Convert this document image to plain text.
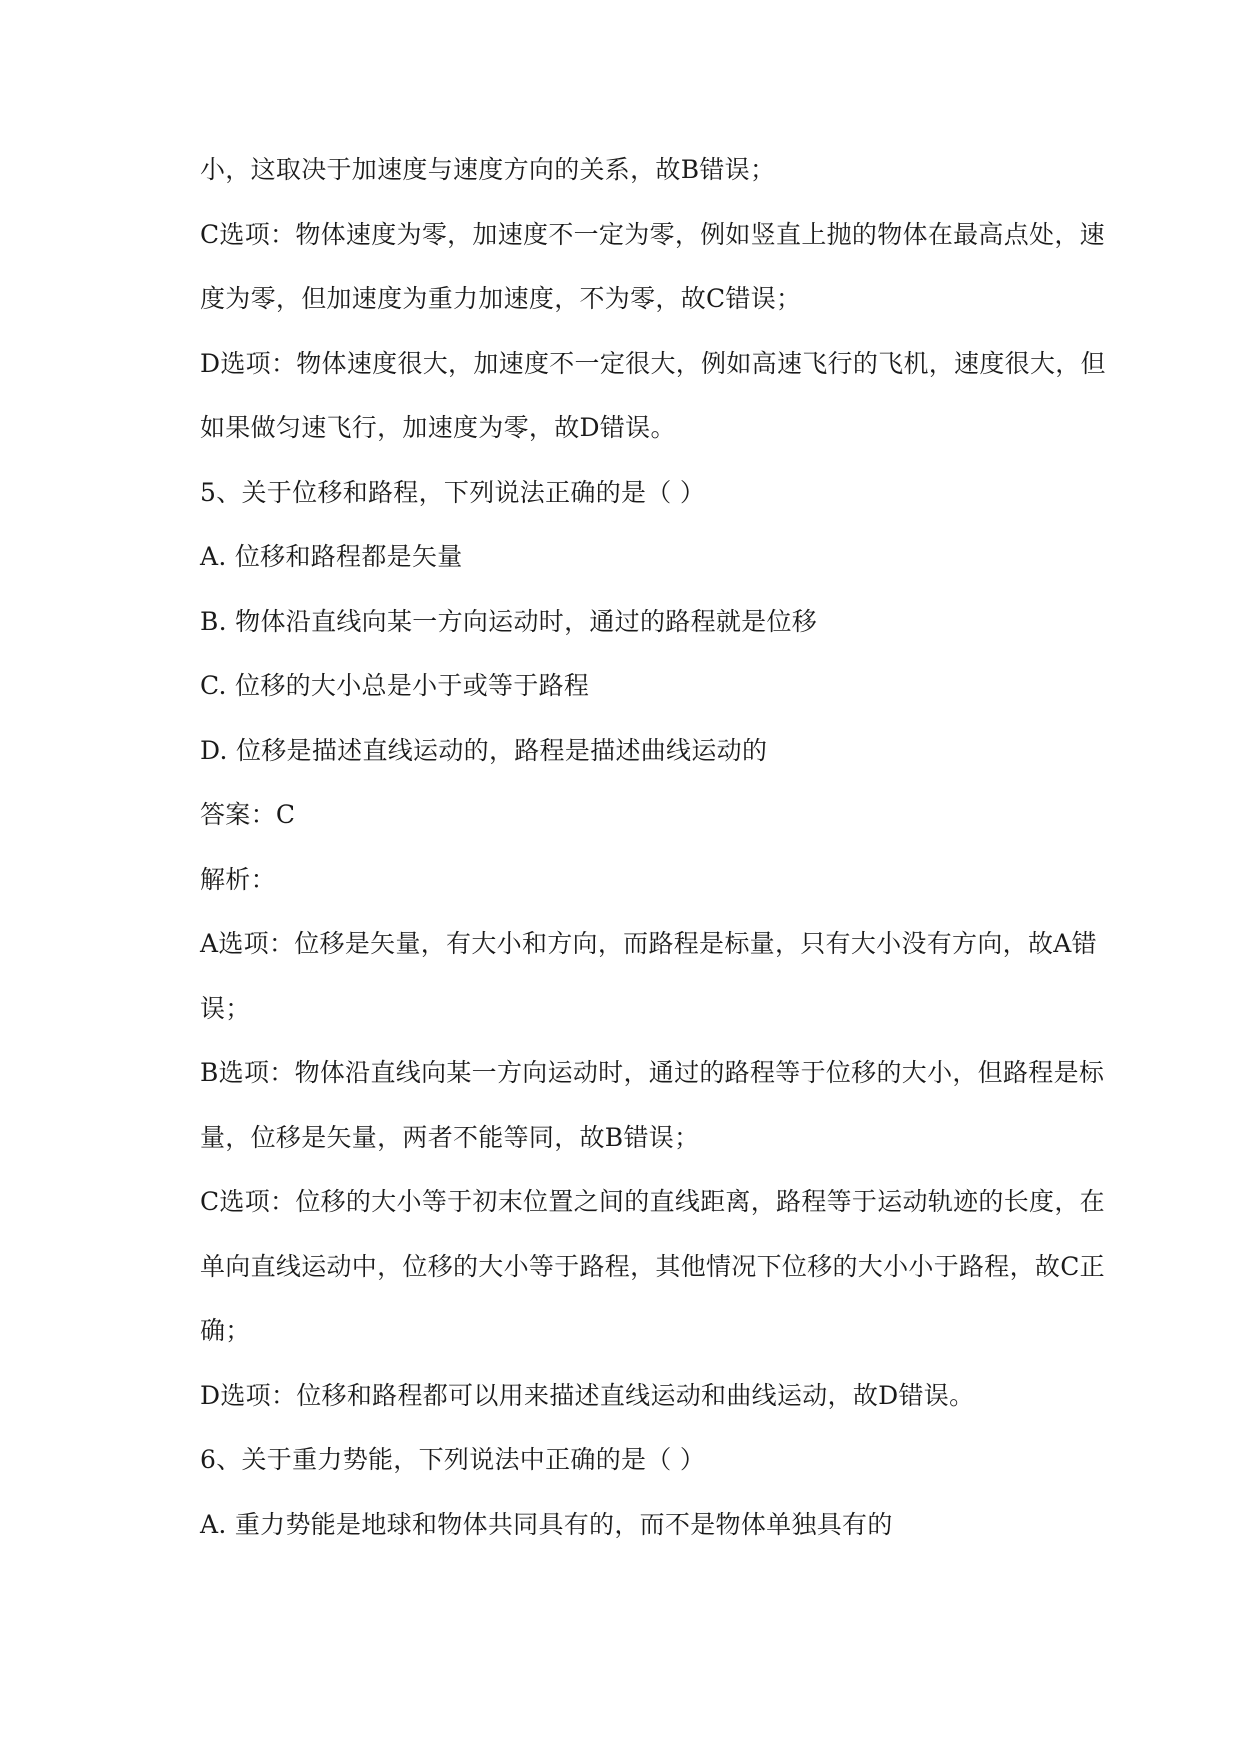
小，这取决于加速度与速度方向的关系，故B错误；
C选项：物体速度为零，加速度不一定为零，例如竖直上抛的物体在最高点处，速
度为零，但加速度为重力加速度，不为零，故C错误；
D选项：物体速度很大，加速度不一定很大，例如高速飞行的飞机，速度很大，但
如果做匀速飞行，加速度为零，故D错误。
5、关于位移和路程，下列说法正确的是（ ）
A. 位移和路程都是矢量
B. 物体沿直线向某一方向运动时，通过的路程就是位移
C. 位移的大小总是小于或等于路程
D. 位移是描述直线运动的，路程是描述曲线运动的
答案：C
解析：
A选项：位移是矢量，有大小和方向，而路程是标量，只有大小没有方向，故A错
误；
B选项：物体沿直线向某一方向运动时，通过的路程等于位移的大小，但路程是标
量，位移是矢量，两者不能等同，故B错误；
C选项：位移的大小等于初末位置之间的直线距离，路程等于运动轨迹的长度，在
单向直线运动中，位移的大小等于路程，其他情况下位移的大小小于路程，故C正
确；
D选项：位移和路程都可以用来描述直线运动和曲线运动，故D错误。
6、关于重力势能，下列说法中正确的是（ ）
A. 重力势能是地球和物体共同具有的，而不是物体单独具有的
